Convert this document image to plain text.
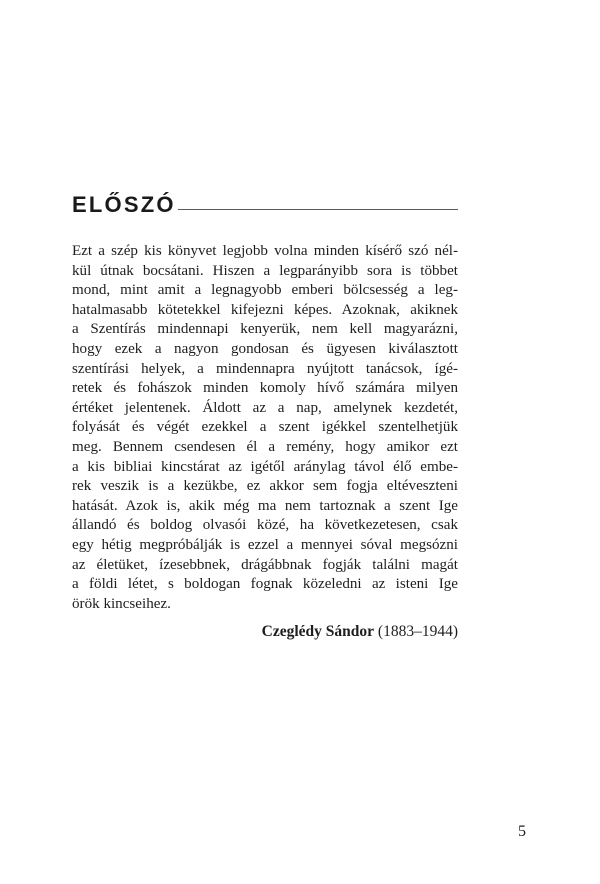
ELŐSZÓ

Ezt a szép kis könyvet legjobb volna minden kísérő szó nél-
kül útnak bocsátani. Hiszen a legparányibb sora is többet
mond, mint amit a legnagyobb emberi bölcsesség a leg-
hatalmasabb kötetekkel kifejezni képes. Azoknak, akiknek
a Szentírás mindennapi kenyerük, nem kell magyarázni,
hogy ezek a nagyon gondosan és ügyesen kiválasztott
szentírási helyek, a mindennapra nyújtott tanácsok, ígé-
retek és fohászok minden komoly hívő számára milyen
értéket jelentenek. Áldott az a nap, amelynek kezdetét,
folyását és végét ezekkel a szent igékkel szentelhetjük
meg. Bennem csendesen él a remény, hogy amikor ezt
a kis bibliai kincstárat az igétől aránylag távol élő embe-
rek veszik is a kezükbe, ez akkor sem fogja eltéveszteni
hatását. Azok is, akik még ma nem tartoznak a szent Ige
állandó és boldog olvasói közé, ha következetesen, csak
egy hétig megpróbálják is ezzel a mennyei sóval megsózni
az életüket, ízesebbnek, drágábbnak fogják találni magát
a földi létet, s boldogan fognak közeledni az isteni Ige
örök kincseihez.

Czeglédy Sándor (1883–1944)

5
